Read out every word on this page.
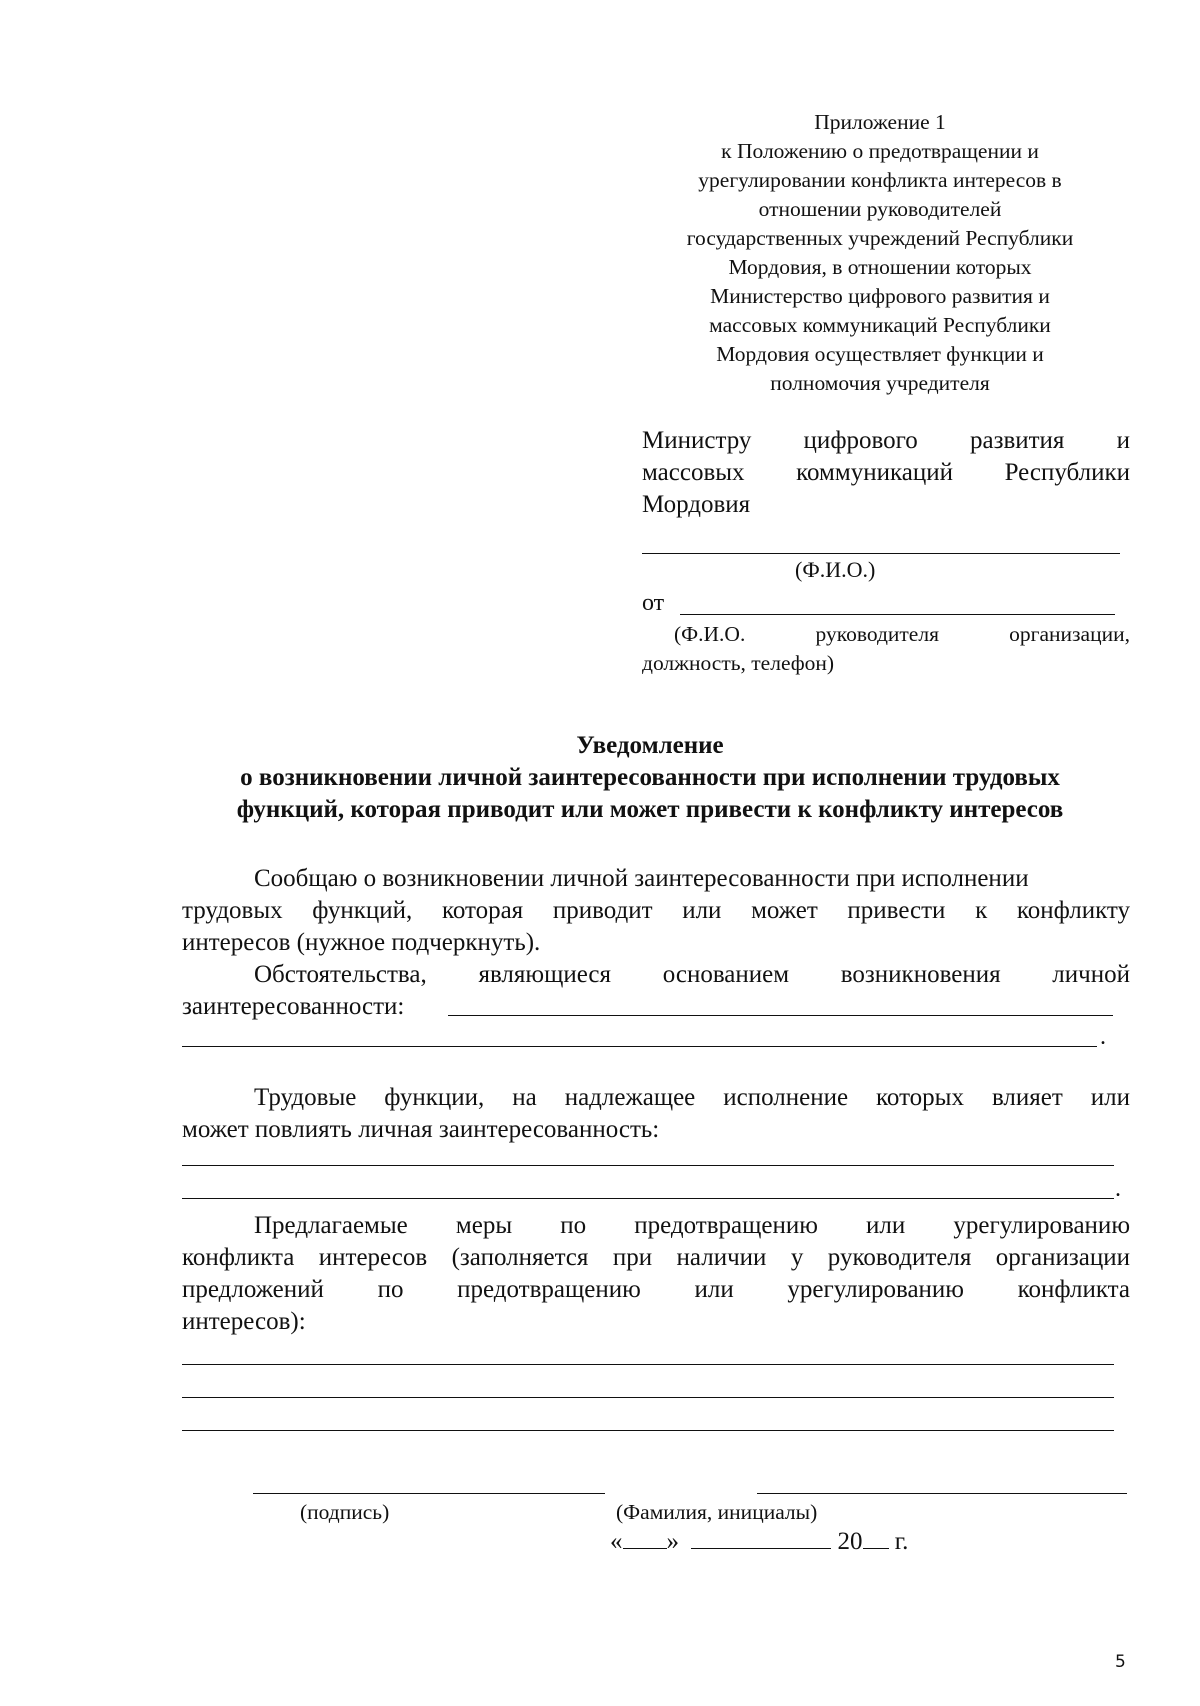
Приложение 1
к Положению о предотвращении и
урегулировании конфликта интересов в
отношении руководителей
государственных учреждений Республики
Мордовия, в отношении которых
Министерство цифрового развития и
массовых коммуникаций Республики
Мордовия осуществляет функции и
полномочия учредителя
Министру цифрового развития и
массовых коммуникаций Республики
Мордовия
(Ф.И.О.)
от
(Ф.И.О.	руководителя	организации,
должность, телефон)
Уведомление
о возникновении личной заинтересованности при исполнении трудовых
функций, которая приводит или может привести к конфликту интересов
Сообщаю о возникновении личной заинтересованности при исполнении
трудовых функций, которая приводит или может привести к конфликту
интересов (нужное подчеркнуть).
Обстоятельства, являющиеся основанием возникновения личной
заинтересованности:
.
Трудовые функции, на надлежащее исполнение которых влияет или
может повлиять личная заинтересованность:
.
Предлагаемые меры по предотвращению или урегулированию
конфликта интересов (заполняется при наличии у руководителя организации
предложений по предотвращению или урегулированию конфликта
интересов):
(подпись)	(Фамилия, инициалы)
« »	20 г.
5
